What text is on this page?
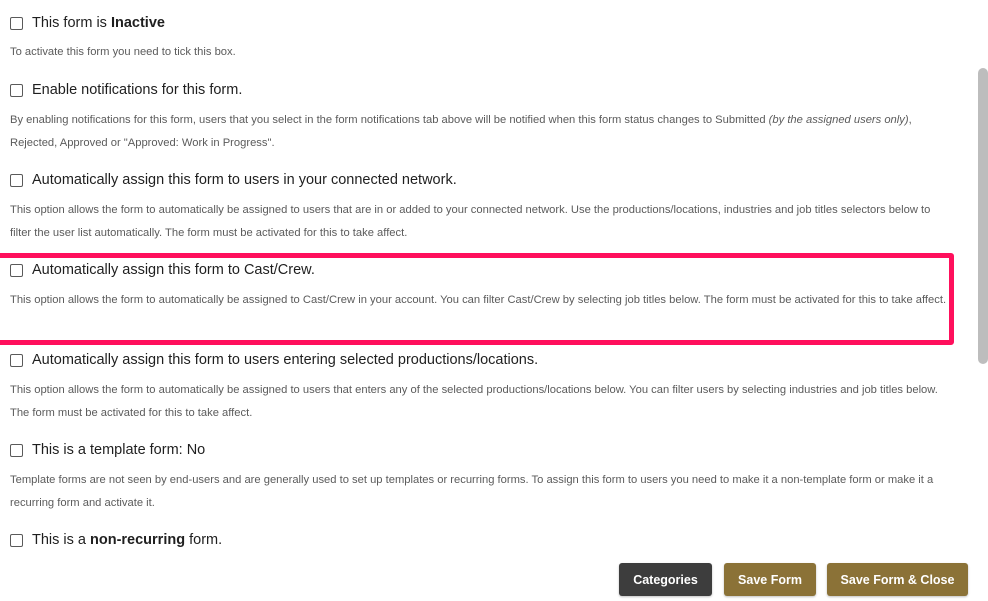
This form is Inactive

To activate this form you need to tick this box.

Enable notifications for this form.

By enabling notifications for this form, users that you select in the form notifications tab above will be notified when this form status changes to Submitted (by the assigned users only), Rejected, Approved or "Approved: Work in Progress".

Automatically assign this form to users in your connected network.

This option allows the form to automatically be assigned to users that are in or added to your connected network. Use the productions/locations, industries and job titles selectors below to filter the user list automatically. The form must be activated for this to take affect.

Automatically assign this form to Cast/Crew.

This option allows the form to automatically be assigned to Cast/Crew in your account. You can filter Cast/Crew by selecting job titles below. The form must be activated for this to take affect.

Automatically assign this form to users entering selected productions/locations.

This option allows the form to automatically be assigned to users that enters any of the selected productions/locations below. You can filter users by selecting industries and job titles below. The form must be activated for this to take affect.

This is a template form: No

Template forms are not seen by end-users and are generally used to set up templates or recurring forms. To assign this form to users you need to make it a non-template form or make it a recurring form and activate it.

This is a non-recurring form.
Categories	Save Form	Save Form & Close
